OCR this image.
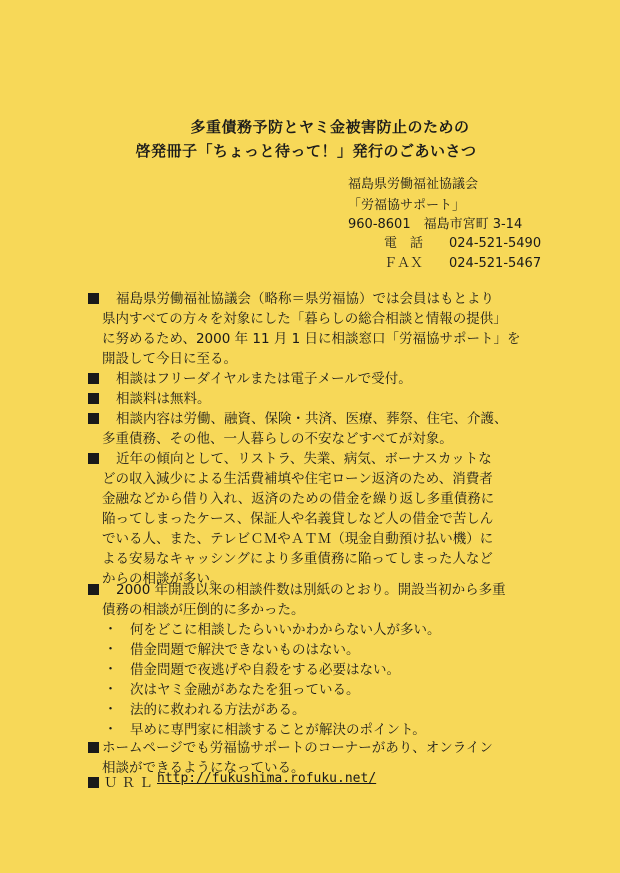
多重債務予防とヤミ金被害防止のための
啓発冊子「ちょっと待って！」発行のごあいさつ
福島県労働福祉協議会
「労福協サポート」
960-8601　福島市宮町 3-14
電　話　　024-521-5490
ＦＡＸ　　024-521-5467
福島県労働福祉協議会（略称＝県労福協）では会員はもとより
県内すべての方々を対象にした「暮らしの総合相談と情報の提供」
に努めるため、2000 年 11 月 1 日に相談窓口「労福協サポート」を
開設して今日に至る。
相談はフリーダイヤルまたは電子メールで受付。
相談料は無料。
相談内容は労働、融資、保険・共済、医療、葬祭、住宅、介護、
多重債務、その他、一人暮らしの不安などすべてが対象。
近年の傾向として、リストラ、失業、病気、ボーナスカットな
どの収入減少による生活費補填や住宅ローン返済のため、消費者
金融などから借り入れ、返済のための借金を繰り返し多重債務に
陥ってしまったケース、保証人や名義貸しなど人の借金で苦しん
でいる人、また、テレビＣＭやＡＴＭ（現金自動預け払い機）に
よる安易なキャッシングにより多重債務に陥ってしまった人など
からの相談が多い。
2000 年開設以来の相談件数は別紙のとおり。開設当初から多重
債務の相談が圧倒的に多かった。
・ 何をどこに相談したらいいかわからない人が多い。
・ 借金問題で解決できないものはない。
・ 借金問題で夜逃げや自殺をする必要はない。
・ 次はヤミ金融があなたを狙っている。
・ 法的に救われる方法がある。
・ 早めに専門家に相談することが解決のポイント。
ホームページでも労福協サポートのコーナーがあり、オンライン
相談ができるようになっている。
ＵＲＬ http://fukushima.rofuku.net/
